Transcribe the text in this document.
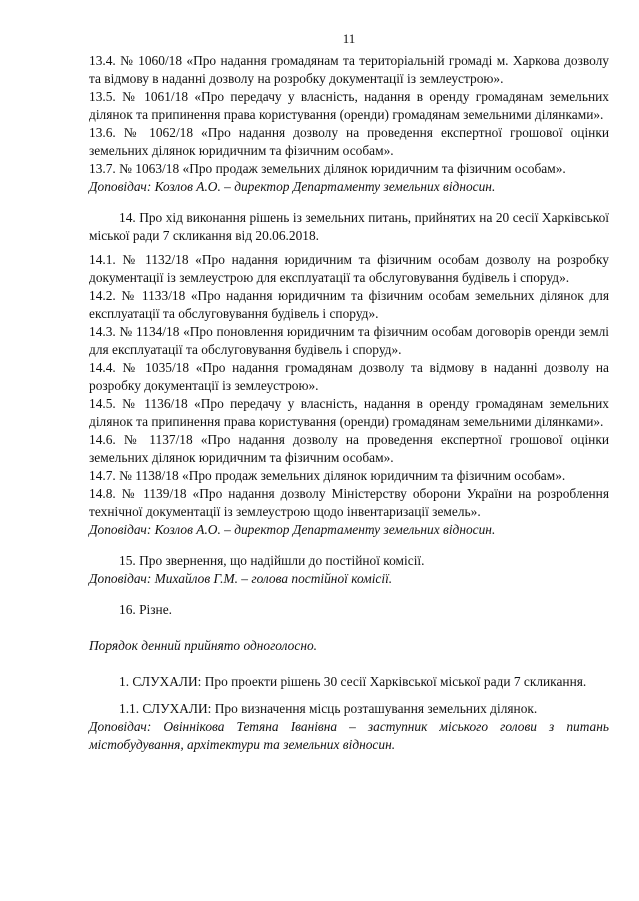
11

13.4. № 1060/18 «Про надання громадянам та територіальній громаді м. Харкова дозволу та відмову в наданні дозволу на розробку документації із землеустрою».

13.5. № 1061/18 «Про передачу у власність, надання в оренду громадянам земельних ділянок та припинення права користування (оренди) громадянам земельними ділянками».

13.6. № 1062/18 «Про надання дозволу на проведення експертної грошової оцінки земельних ділянок юридичним та фізичним особам».

13.7. № 1063/18 «Про продаж земельних ділянок юридичним та фізичним особам».

Доповідач: Козлов А.О. – директор Департаменту земельних відносин.

14. Про хід виконання рішень із земельних питань, прийнятих на 20 сесії Харківської міської ради 7 скликання від 20.06.2018.

14.1. № 1132/18 «Про надання юридичним та фізичним особам дозволу на розробку документації із землеустрою для експлуатації та обслуговування будівель і споруд».

14.2. № 1133/18 «Про надання юридичним та фізичним особам земельних ділянок для експлуатації та обслуговування будівель і споруд».

14.3. № 1134/18 «Про поновлення юридичним та фізичним особам договорів оренди землі для експлуатації та обслуговування будівель і споруд».

14.4. № 1035/18 «Про надання громадянам дозволу та відмову в наданні дозволу на розробку документації із землеустрою».

14.5. № 1136/18 «Про передачу у власність, надання в оренду громадянам земельних ділянок та припинення права користування (оренди) громадянам земельними ділянками».

14.6. № 1137/18 «Про надання дозволу на проведення експертної грошової оцінки земельних ділянок юридичним та фізичним особам».

14.7. № 1138/18 «Про продаж земельних ділянок юридичним та фізичним особам».

14.8. № 1139/18 «Про надання дозволу Міністерству оборони України на розроблення технічної документації із землеустрою щодо інвентаризації земель».

Доповідач: Козлов А.О. – директор Департаменту земельних відносин.

15. Про звернення, що надійшли до постійної комісії.

Доповідач: Михайлов Г.М. – голова постійної комісії.

16. Різне.

Порядок денний прийнято одноголосно.

1. СЛУХАЛИ: Про проекти рішень 30 сесії Харківської міської ради 7 скликання.

1.1. СЛУХАЛИ: Про визначення місць розташування земельних ділянок.

Доповідач: Овіннікова Тетяна Іванівна – заступник міського голови з питань містобудування, архітектури та земельних відносин.
